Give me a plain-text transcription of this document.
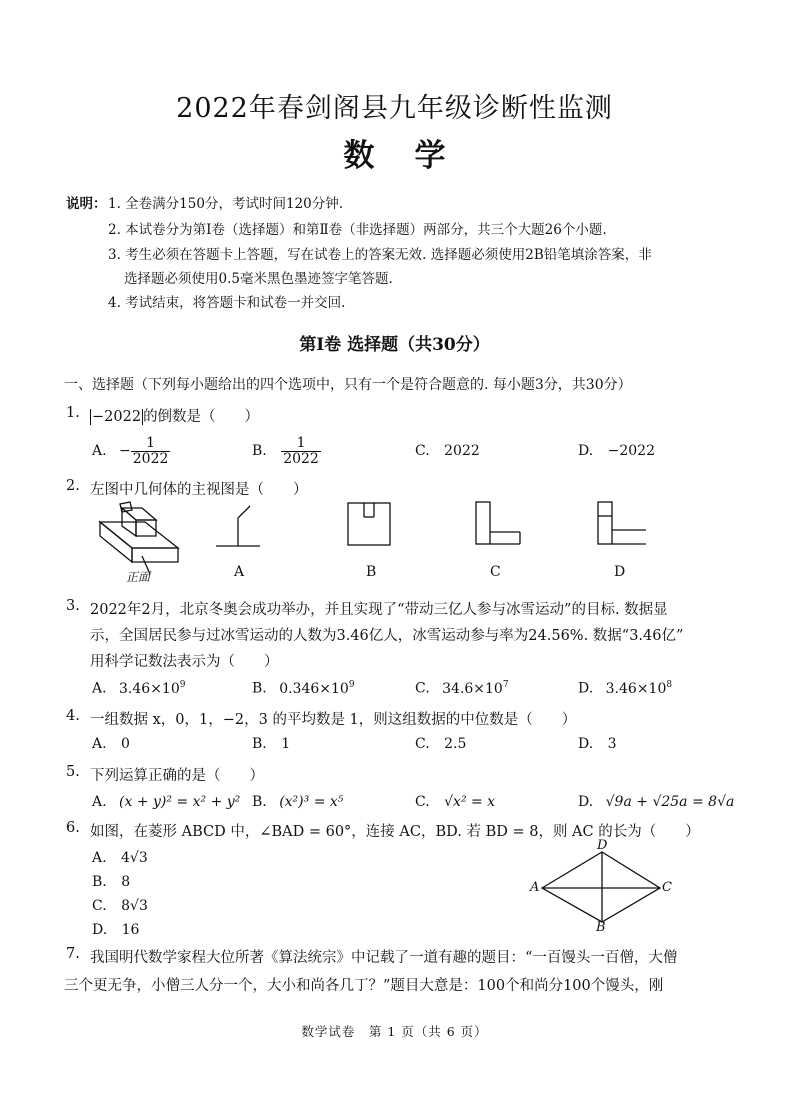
2022年春剑阁县九年级诊断性监测
数学
说明： 1. 全卷满分150分，考试时间120分钟.
2. 本试卷分为第Ⅰ卷（选择题）和第Ⅱ卷（非选择题）两部分，共三个大题26个小题.
3. 考生必须在答题卡上答题，写在试卷上的答案无效. 选择题必须使用2B铅笔填涂答案，非
选择题必须使用0.5毫米黑色墨迹签字笔答题.
4. 考试结束，将答题卡和试卷一并交回.
第Ⅰ卷 选择题（共30分）
一、选择题（下列每小题给出的四个选项中，只有一个是符合题意的. 每小题3分，共30分）
1. −2022 的倒数是（　　）
A. − $\frac{1}{2022}$	B. $\frac{1}{2022}$	C. 2022	D. −2022
2. 左图中几何体的主视图是（　　）
正面	A	B	C	D
3. 2022年2月，北京冬奥会成功举办，并且实现了“带动三亿人参与冰雪运动”的目标. 数据显
示，全国居民参与过冰雪运动的人数为3.46亿人，冰雪运动参与率为24.56%. 数据“3.46亿”
用科学记数法表示为（　　）
A. $3.46\times 10^9$	B. $0.346\times 10^9$	C. $34.6\times 10^7$	D. $3.46\times 10^8$
4. 一组数据 x，0，1，−2，3 的平均数是 1，则这组数据的中位数是（　　）
A. 0	B. 1	C. 2.5	D. 3
5. 下列运算正确的是（　　）
A. (x + y)² = x² + y² B. (x²)³ = x⁵	C. √x² = x	D. √9a + √25a = 8√a
6. 如图，在菱形 ABCD 中，∠BAD = 60°，连接 AC，BD. 若 BD = 8，则 AC 的长为（　　）
A. 4√3
B. 8
C. 8√3
D. 16
A
B
C
D
7. 我国明代数学家程大位所著《算法统宗》中记载了一道有趣的题目：“一百馒头一百僧，大僧
三个更无争，小僧三人分一个，大小和尚各几丁？”题目大意是：100个和尚分100个馒头，刚
数学试卷　第 1 页（共 6 页）
